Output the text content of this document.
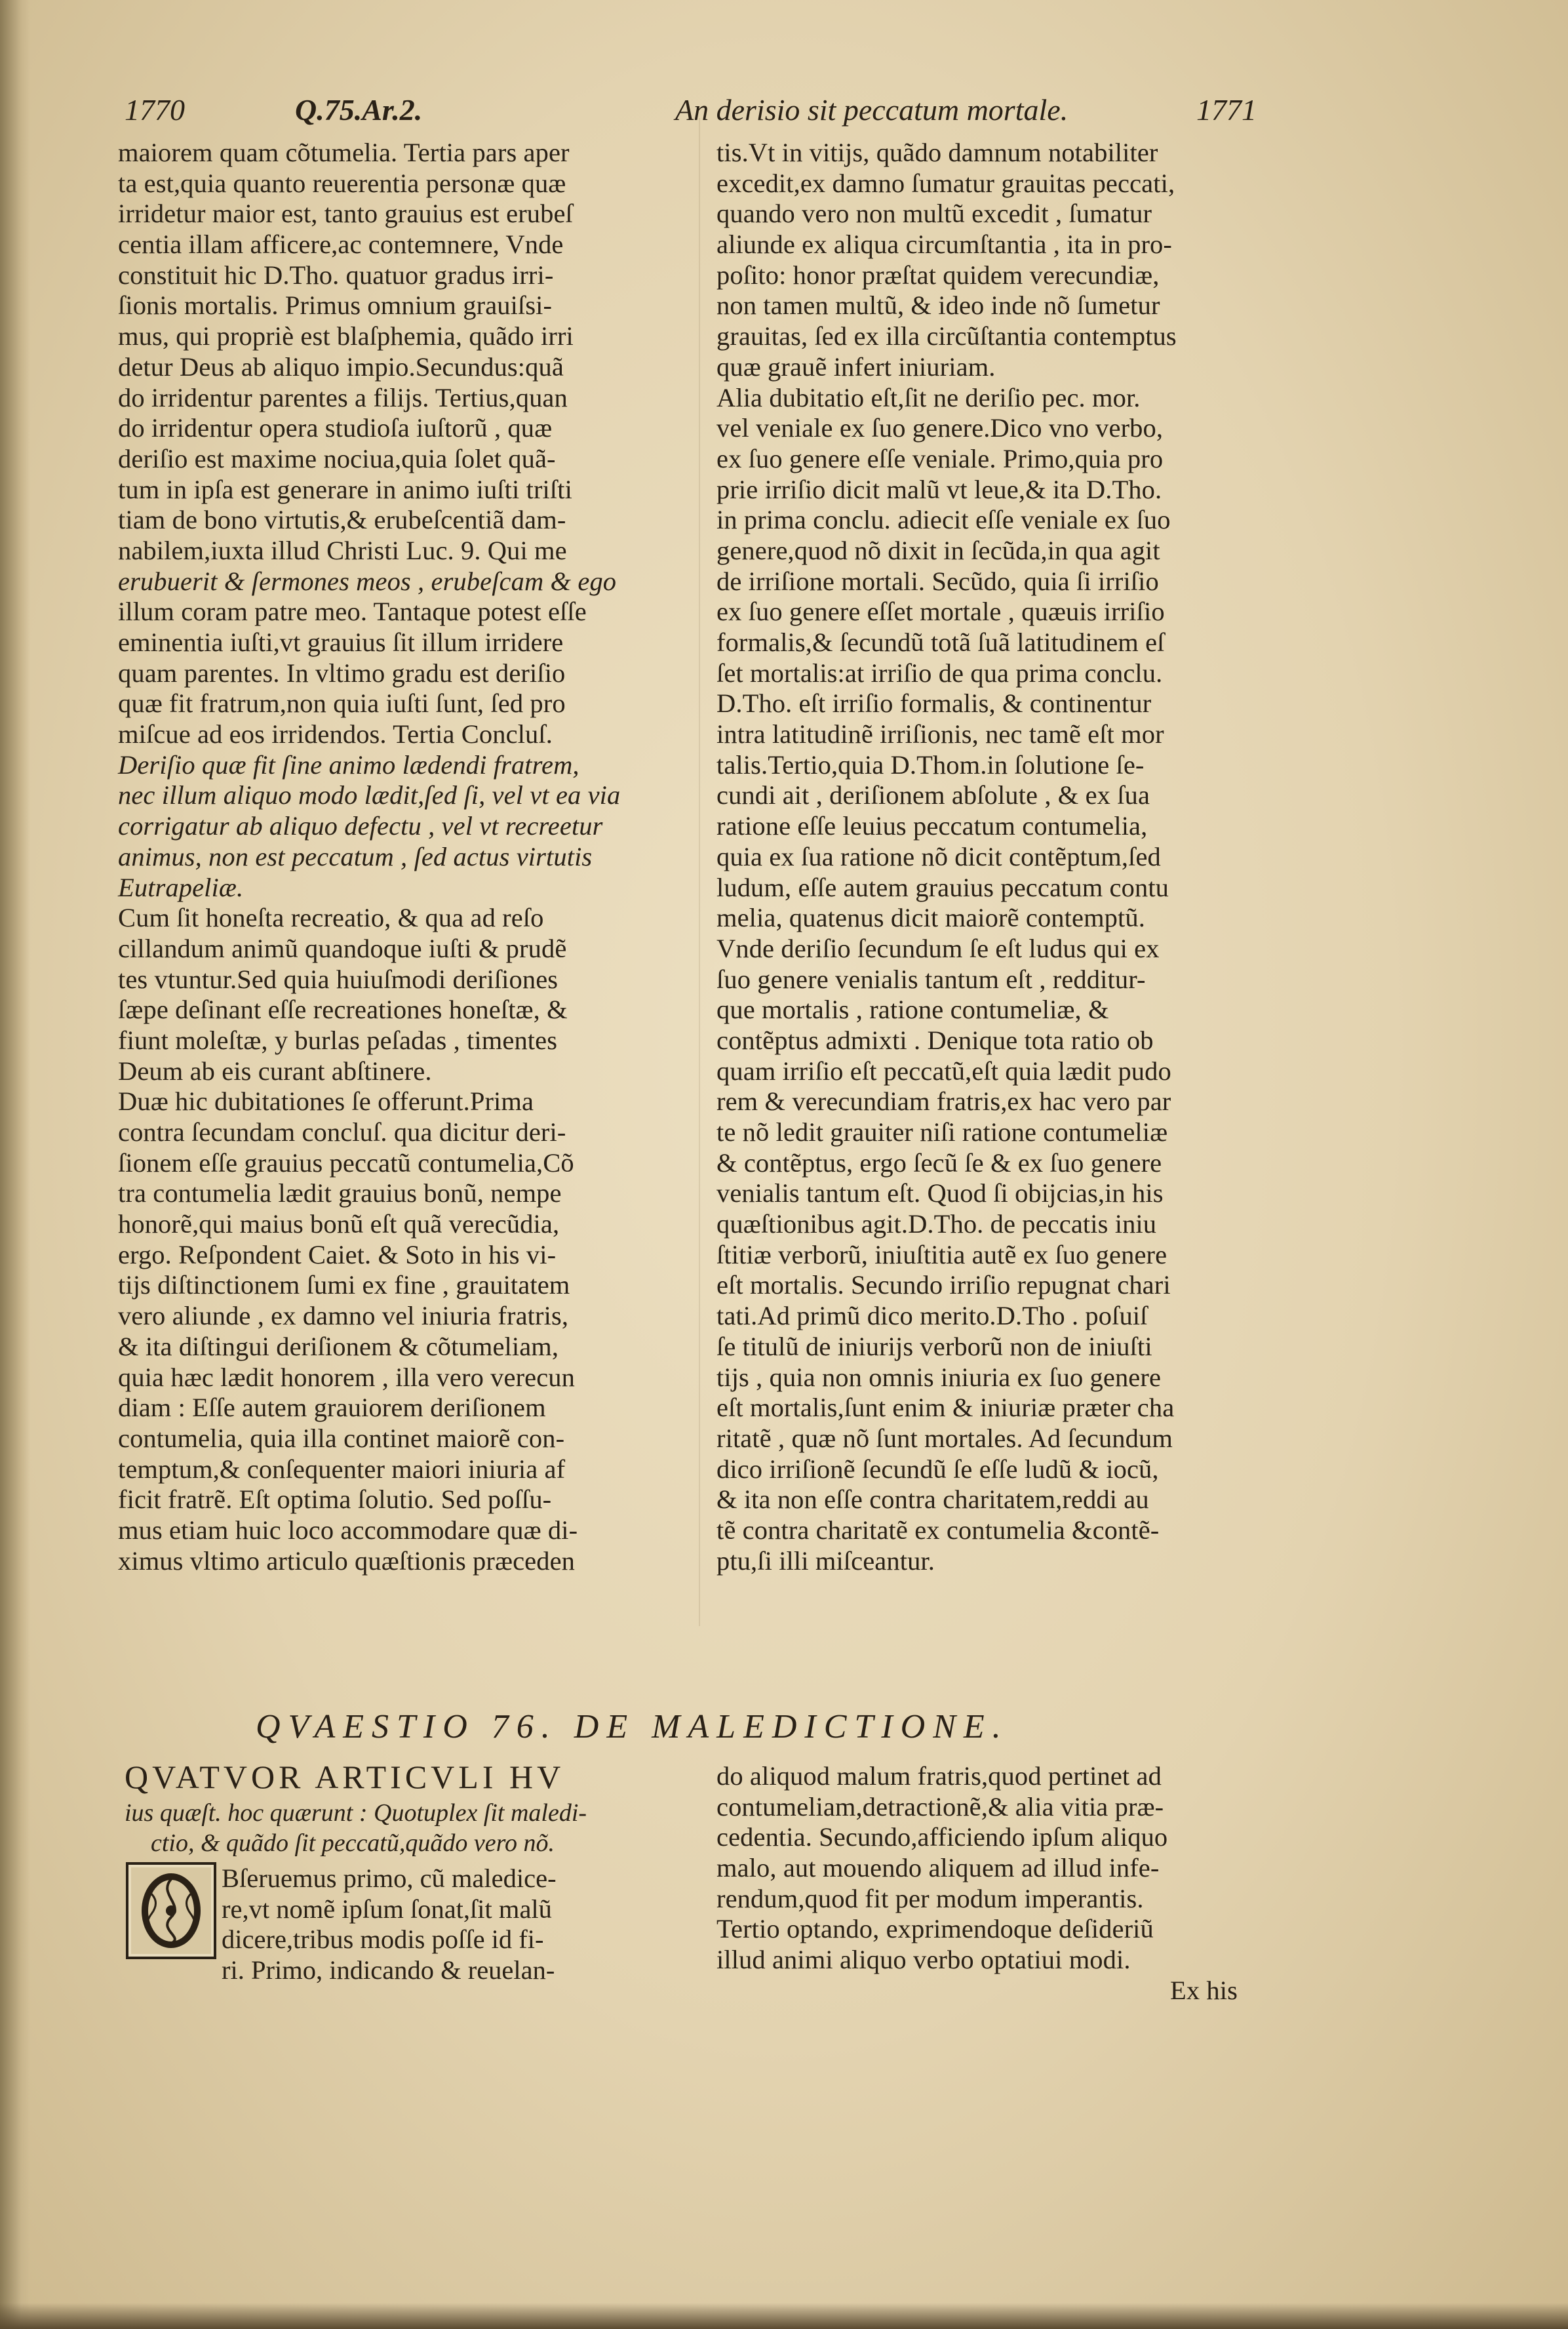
1770	Q.75.Ar.2.	An derisio sit peccatum mortale.	1771
maiorem quam cõtumelia. Tertia pars aper
ta est,quia quanto reuerentia personæ quæ
irridetur maior est, tanto grauius est erubeſ
centia illam afficere,ac contemnere, Vnde
constituit hic D.Tho. quatuor gradus irri-
ſionis mortalis. Primus omnium grauiſsi-
mus, qui propriè est blaſphemia, quãdo irri
detur Deus ab aliquo impio.Secundus:quã
do irridentur parentes a filijs. Tertius,quan
do irridentur opera studioſa iuſtorũ , quæ
deriſio est maxime nociua,quia ſolet quã-
tum in ipſa est generare in animo iuſti triſti
tiam de bono virtutis,& erubeſcentiã dam-
nabilem,iuxta illud Christi Luc. 9. Qui me
erubuerit & ſermones meos , erubeſcam & ego
illum coram patre meo. Tantaque potest eſſe
eminentia iuſti,vt grauius ſit illum irridere
quam parentes. In vltimo gradu est deriſio
quæ fit fratrum,non quia iuſti ſunt, ſed pro
miſcue ad eos irridendos. Tertia Concluſ.
Deriſio quæ fit ſine animo lædendi fratrem,
nec illum aliquo modo lædit,ſed ſi, vel vt ea via
corrigatur ab aliquo defectu , vel vt recreetur
animus, non est peccatum , ſed actus virtutis
Eutrapeliæ.
Cum ſit honeſta recreatio, & qua ad reſo
cillandum animũ quandoque iuſti & prudẽ
tes vtuntur.Sed quia huiuſmodi deriſiones
ſæpe deſinant eſſe recreationes honeſtæ, &
fiunt moleſtæ, y burlas peſadas , timentes
Deum ab eis curant abſtinere.
Duæ hic dubitationes ſe offerunt.Prima
contra ſecundam concluſ. qua dicitur deri-
ſionem eſſe grauius peccatũ contumelia,Cõ
tra contumelia lædit grauius bonũ, nempe
honorẽ,qui maius bonũ eſt quã verecũdia,
ergo. Reſpondent Caiet. & Soto in his vi-
tijs diſtinctionem ſumi ex fine , grauitatem
vero aliunde , ex damno vel iniuria fratris,
& ita diſtingui deriſionem & cõtumeliam,
quia hæc lædit honorem , illa vero verecun
diam : Eſſe autem grauiorem deriſionem
contumelia, quia illa continet maiorẽ con-
temptum,& conſequenter maiori iniuria af
ficit fratrẽ. Eſt optima ſolutio. Sed poſſu-
mus etiam huic loco accommodare quæ di-
ximus vltimo articulo quæſtionis præceden
tis.Vt in vitijs, quãdo damnum notabiliter
excedit,ex damno ſumatur grauitas peccati,
quando vero non multũ excedit , ſumatur
aliunde ex aliqua circumſtantia , ita in pro-
poſito: honor præſtat quidem verecundiæ,
non tamen multũ, & ideo inde nõ ſumetur
grauitas, ſed ex illa circũſtantia contemptus
quæ grauẽ infert iniuriam.
Alia dubitatio eſt,ſit ne deriſio pec. mor.
vel veniale ex ſuo genere.Dico vno verbo,
ex ſuo genere eſſe veniale. Primo,quia pro
prie irriſio dicit malũ vt leue,& ita D.Tho.
in prima conclu. adiecit eſſe veniale ex ſuo
genere,quod nõ dixit in ſecũda,in qua agit
de irriſione mortali. Secũdo, quia ſi irriſio
ex ſuo genere eſſet mortale , quæuis irriſio
formalis,& ſecundũ totã ſuã latitudinem eſ
ſet mortalis:at irriſio de qua prima conclu.
D.Tho. eſt irriſio formalis, & continentur
intra latitudinẽ irriſionis, nec tamẽ eſt mor
talis.Tertio,quia D.Thom.in ſolutione ſe-
cundi ait , deriſionem abſolute , & ex ſua
ratione eſſe leuius peccatum contumelia,
quia ex ſua ratione nõ dicit contẽptum,ſed
ludum, eſſe autem grauius peccatum contu
melia, quatenus dicit maiorẽ contemptũ.
Vnde deriſio ſecundum ſe eſt ludus qui ex
ſuo genere venialis tantum eſt , redditur-
que mortalis , ratione contumeliæ, &
contẽptus admixti . Denique tota ratio ob
quam irriſio eſt peccatũ,eſt quia lædit pudo
rem & verecundiam fratris,ex hac vero par
te nõ ledit grauiter niſi ratione contumeliæ
& contẽptus, ergo ſecũ ſe & ex ſuo genere
venialis tantum eſt. Quod ſi obijcias,in his
quæſtionibus agit.D.Tho. de peccatis iniu
ſtitiæ verborũ, iniuſtitia autẽ ex ſuo genere
eſt mortalis. Secundo irriſio repugnat chari
tati.Ad primũ dico merito.D.Tho . poſuiſ
ſe titulũ de iniurijs verborũ non de iniuſti
tijs , quia non omnis iniuria ex ſuo genere
eſt mortalis,ſunt enim & iniuriæ præter cha
ritatẽ , quæ nõ ſunt mortales. Ad ſecundum
dico irriſionẽ ſecundũ ſe eſſe ludũ & iocũ,
& ita non eſſe contra charitatem,reddi au
tẽ contra charitatẽ ex contumelia &contẽ-
ptu,ſi illi miſceantur.
QVAESTIO 76. DE MALEDICTIONE.
QVATVOR ARTICVLI HV
ius quæſt. hoc quærunt : Quotuplex ſit maledi-
ctio, & quãdo ſit peccatũ,quãdo vero nõ.
Bſeruemus primo, cũ maledice-
re,vt nomẽ ipſum ſonat,ſit malũ
dicere,tribus modis poſſe id fi-
ri. Primo, indicando & reuelan-
do aliquod malum fratris,quod pertinet ad
contumeliam,detractionẽ,& alia vitia præ-
cedentia. Secundo,afficiendo ipſum aliquo
malo, aut mouendo aliquem ad illud infe-
rendum,quod fit per modum imperantis.
Tertio optando, exprimendoque deſideriũ
illud animi aliquo verbo optatiui modi.
Ex his
